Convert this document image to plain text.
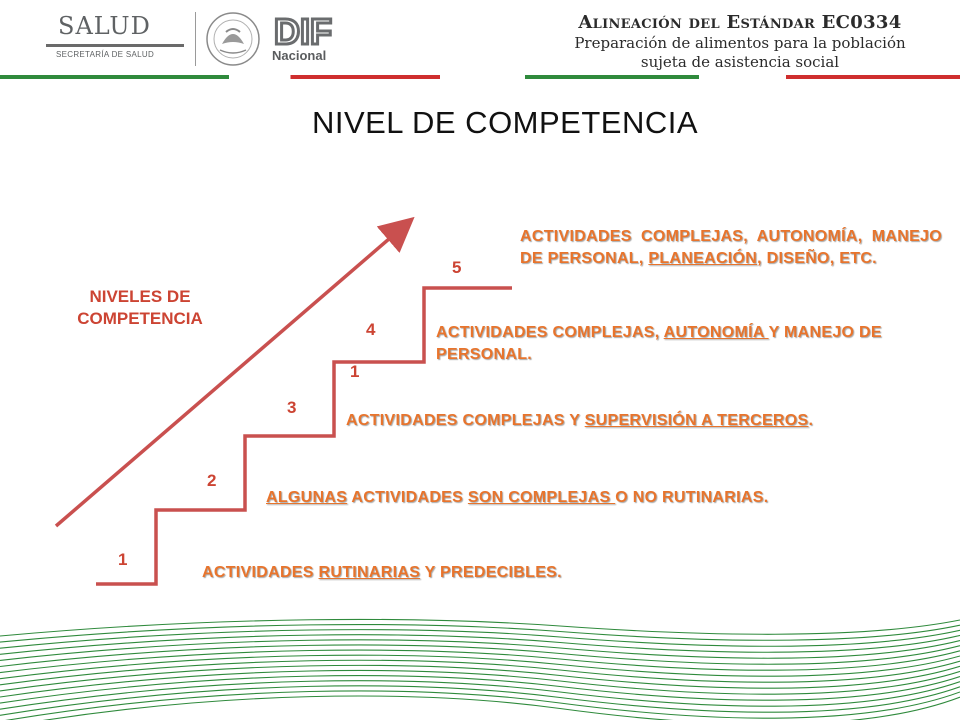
SALUD
SECRETARÍA DE SALUD
DIF
Nacional
Alineación del Estándar EC0334
Preparación de alimentos para la población
sujeta de asistencia social
NIVEL DE COMPETENCIA
NIVELES DE
COMPETENCIA
1
2
3
4
1
5
ACTIVIDADES RUTINARIAS Y PREDECIBLES.
ALGUNAS ACTIVIDADES SON COMPLEJAS O NO RUTINARIAS.
ACTIVIDADES COMPLEJAS Y SUPERVISIÓN A TERCEROS.
ACTIVIDADES COMPLEJAS, AUTONOMÍA Y MANEJO DE PERSONAL.
ACTIVIDADES COMPLEJAS, AUTONOMÍA, MANEJO DE PERSONAL, PLANEACIÓN, DISEÑO, ETC.
